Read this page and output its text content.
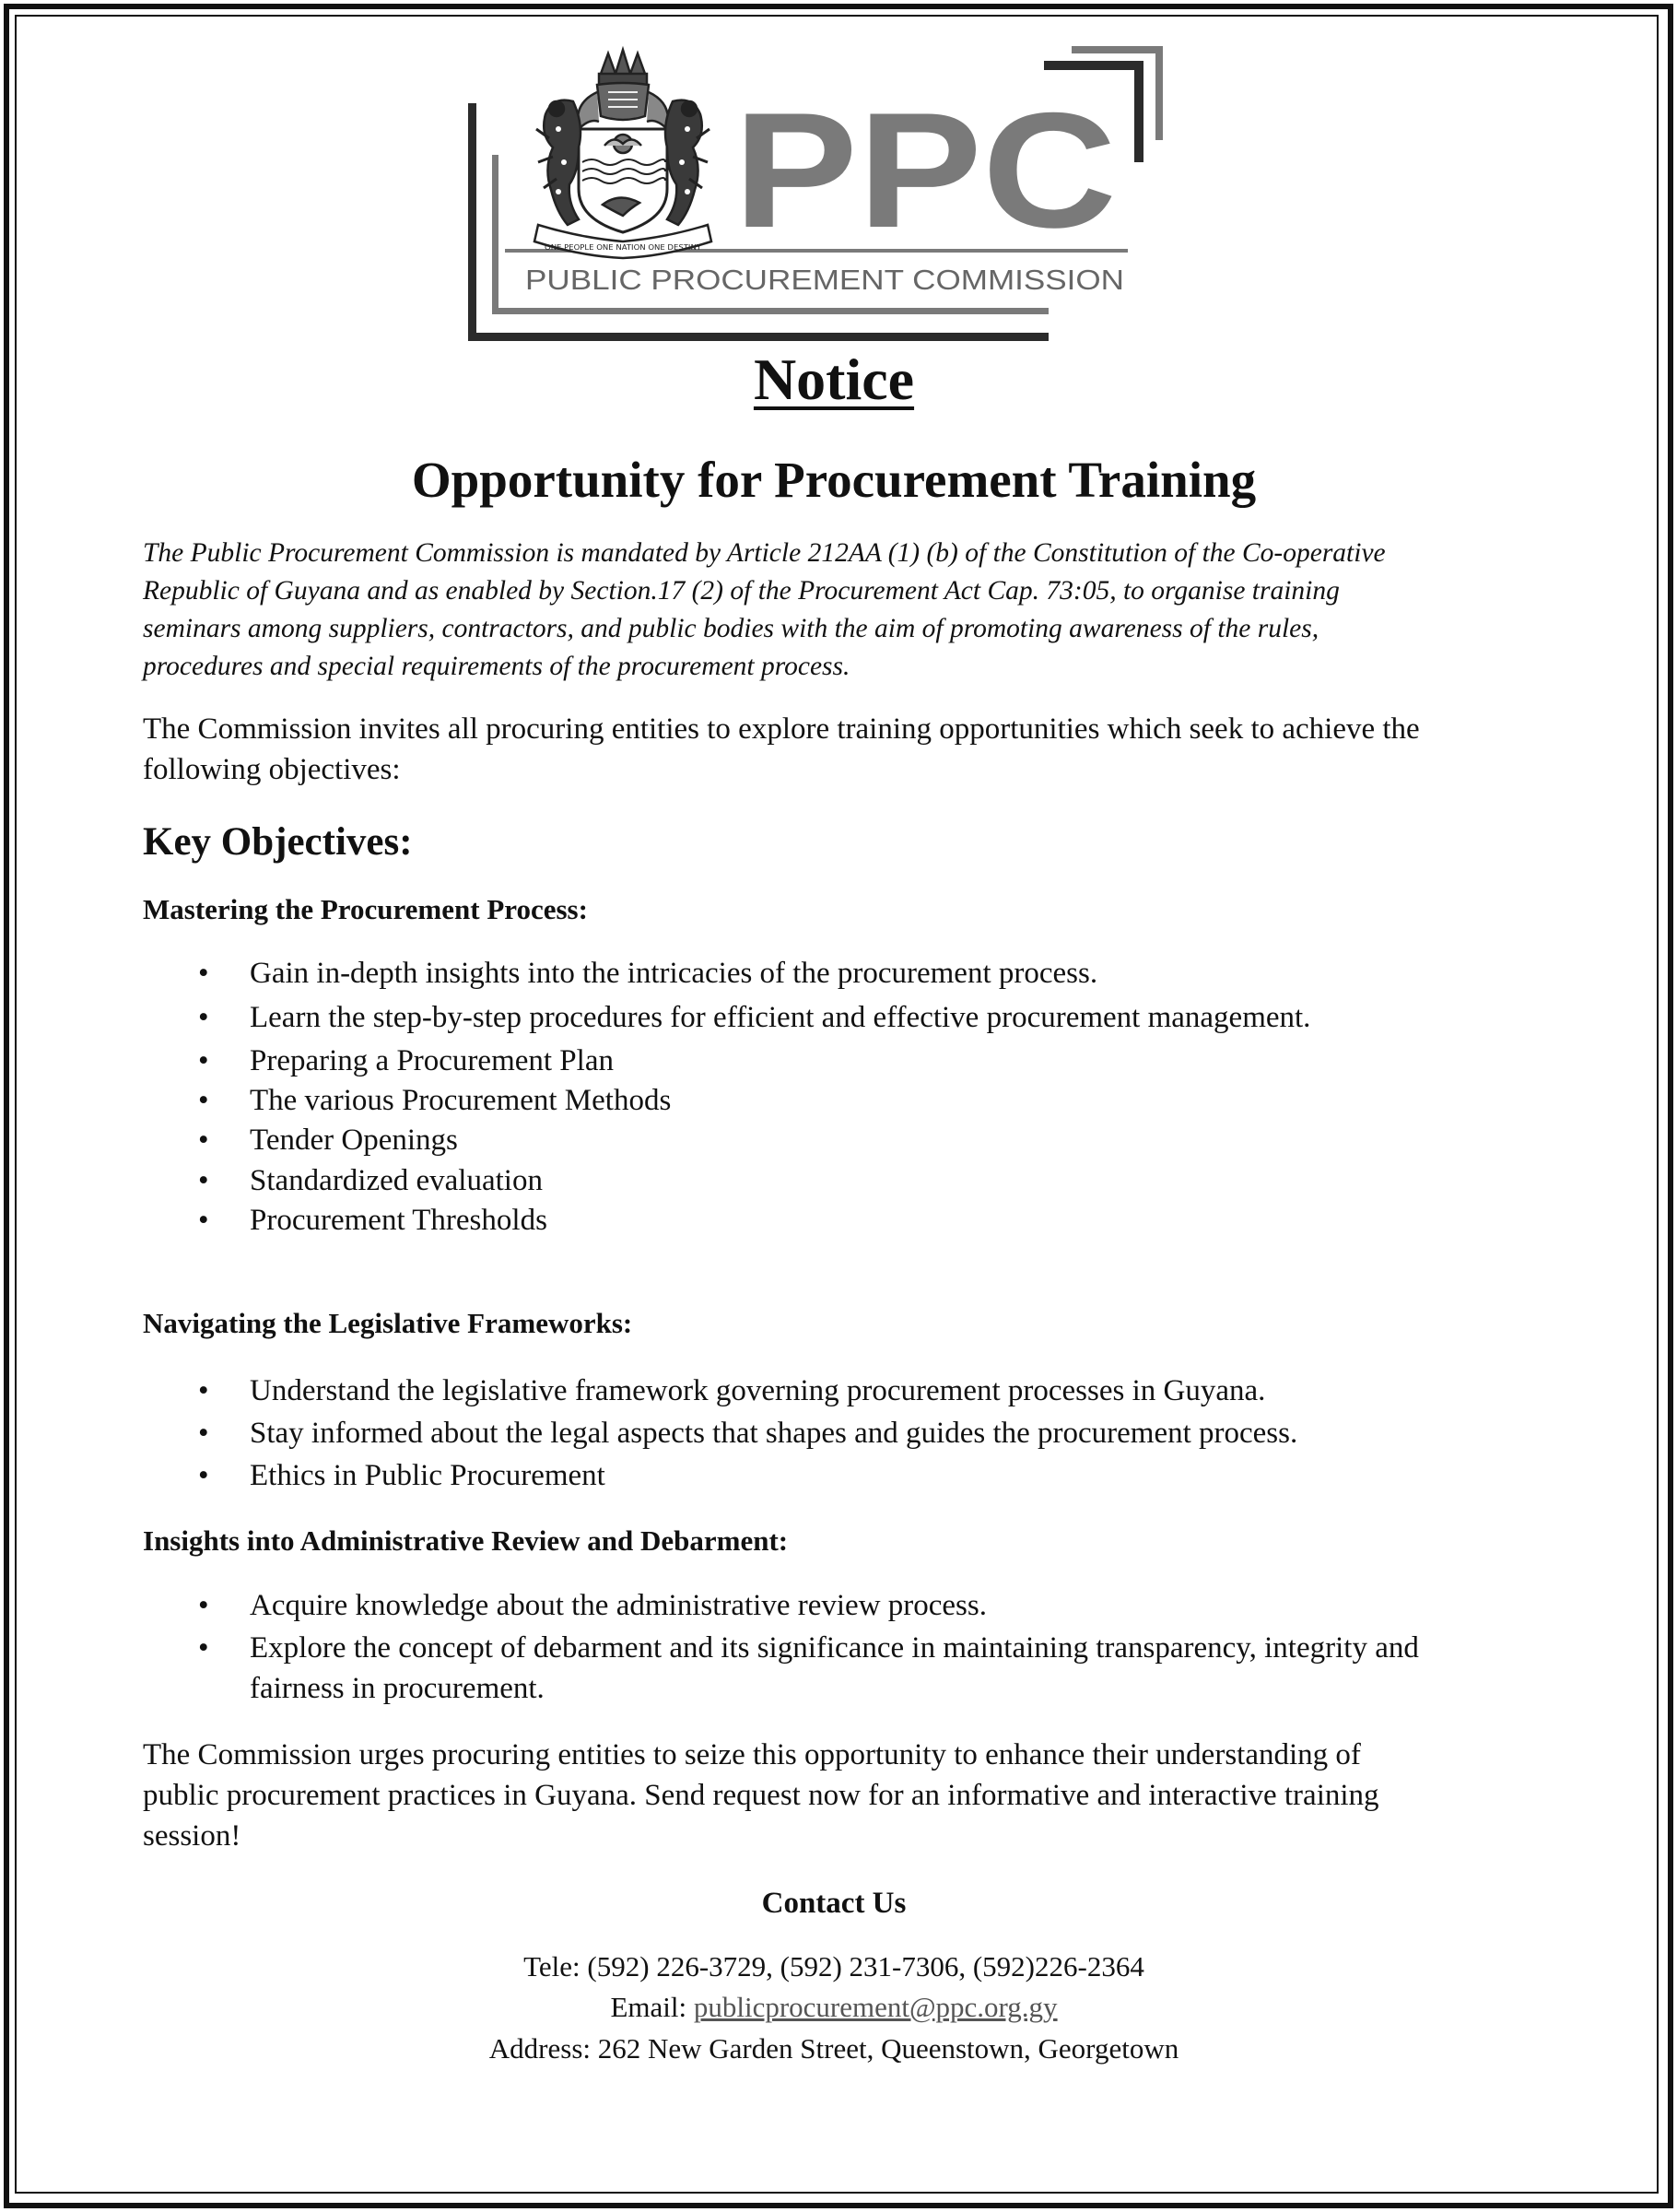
ONE PEOPLE ONE NATION ONE DESTINY PPC
PUBLIC PROCUREMENT COMMISSION
Notice
Opportunity for Procurement Training
The Public Procurement Commission is mandated by Article 212AA (1) (b) of the Constitution of the Co-operative
Republic of Guyana and as enabled by Section.17 (2) of the Procurement Act Cap. 73:05, to organise training
seminars among suppliers, contractors, and public bodies with the aim of promoting awareness of the rules,
procedures and special requirements of the procurement process.
The Commission invites all procuring entities to explore training opportunities which seek to achieve the
following objectives:
Key Objectives:
Mastering the Procurement Process:
•	Gain in-depth insights into the intricacies of the procurement process.
•	Learn the step-by-step procedures for efficient and effective procurement management.
•	Preparing a Procurement Plan
•	The various Procurement Methods
•	Tender Openings
•	Standardized evaluation
•	Procurement Thresholds
Navigating the Legislative Frameworks:
•	Understand the legislative framework governing procurement processes in Guyana.
•	Stay informed about the legal aspects that shapes and guides the procurement process.
•	Ethics in Public Procurement
Insights into Administrative Review and Debarment:
•	Acquire knowledge about the administrative review process.
•	Explore the concept of debarment and its significance in maintaining transparency, integrity and
fairness in procurement.
The Commission urges procuring entities to seize this opportunity to enhance their understanding of
public procurement practices in Guyana. Send request now for an informative and interactive training
session!
Contact Us
Tele: (592) 226-3729, (592) 231-7306, (592)226-2364
Email: publicprocurement@ppc.org.gy
Address: 262 New Garden Street, Queenstown, Georgetown
